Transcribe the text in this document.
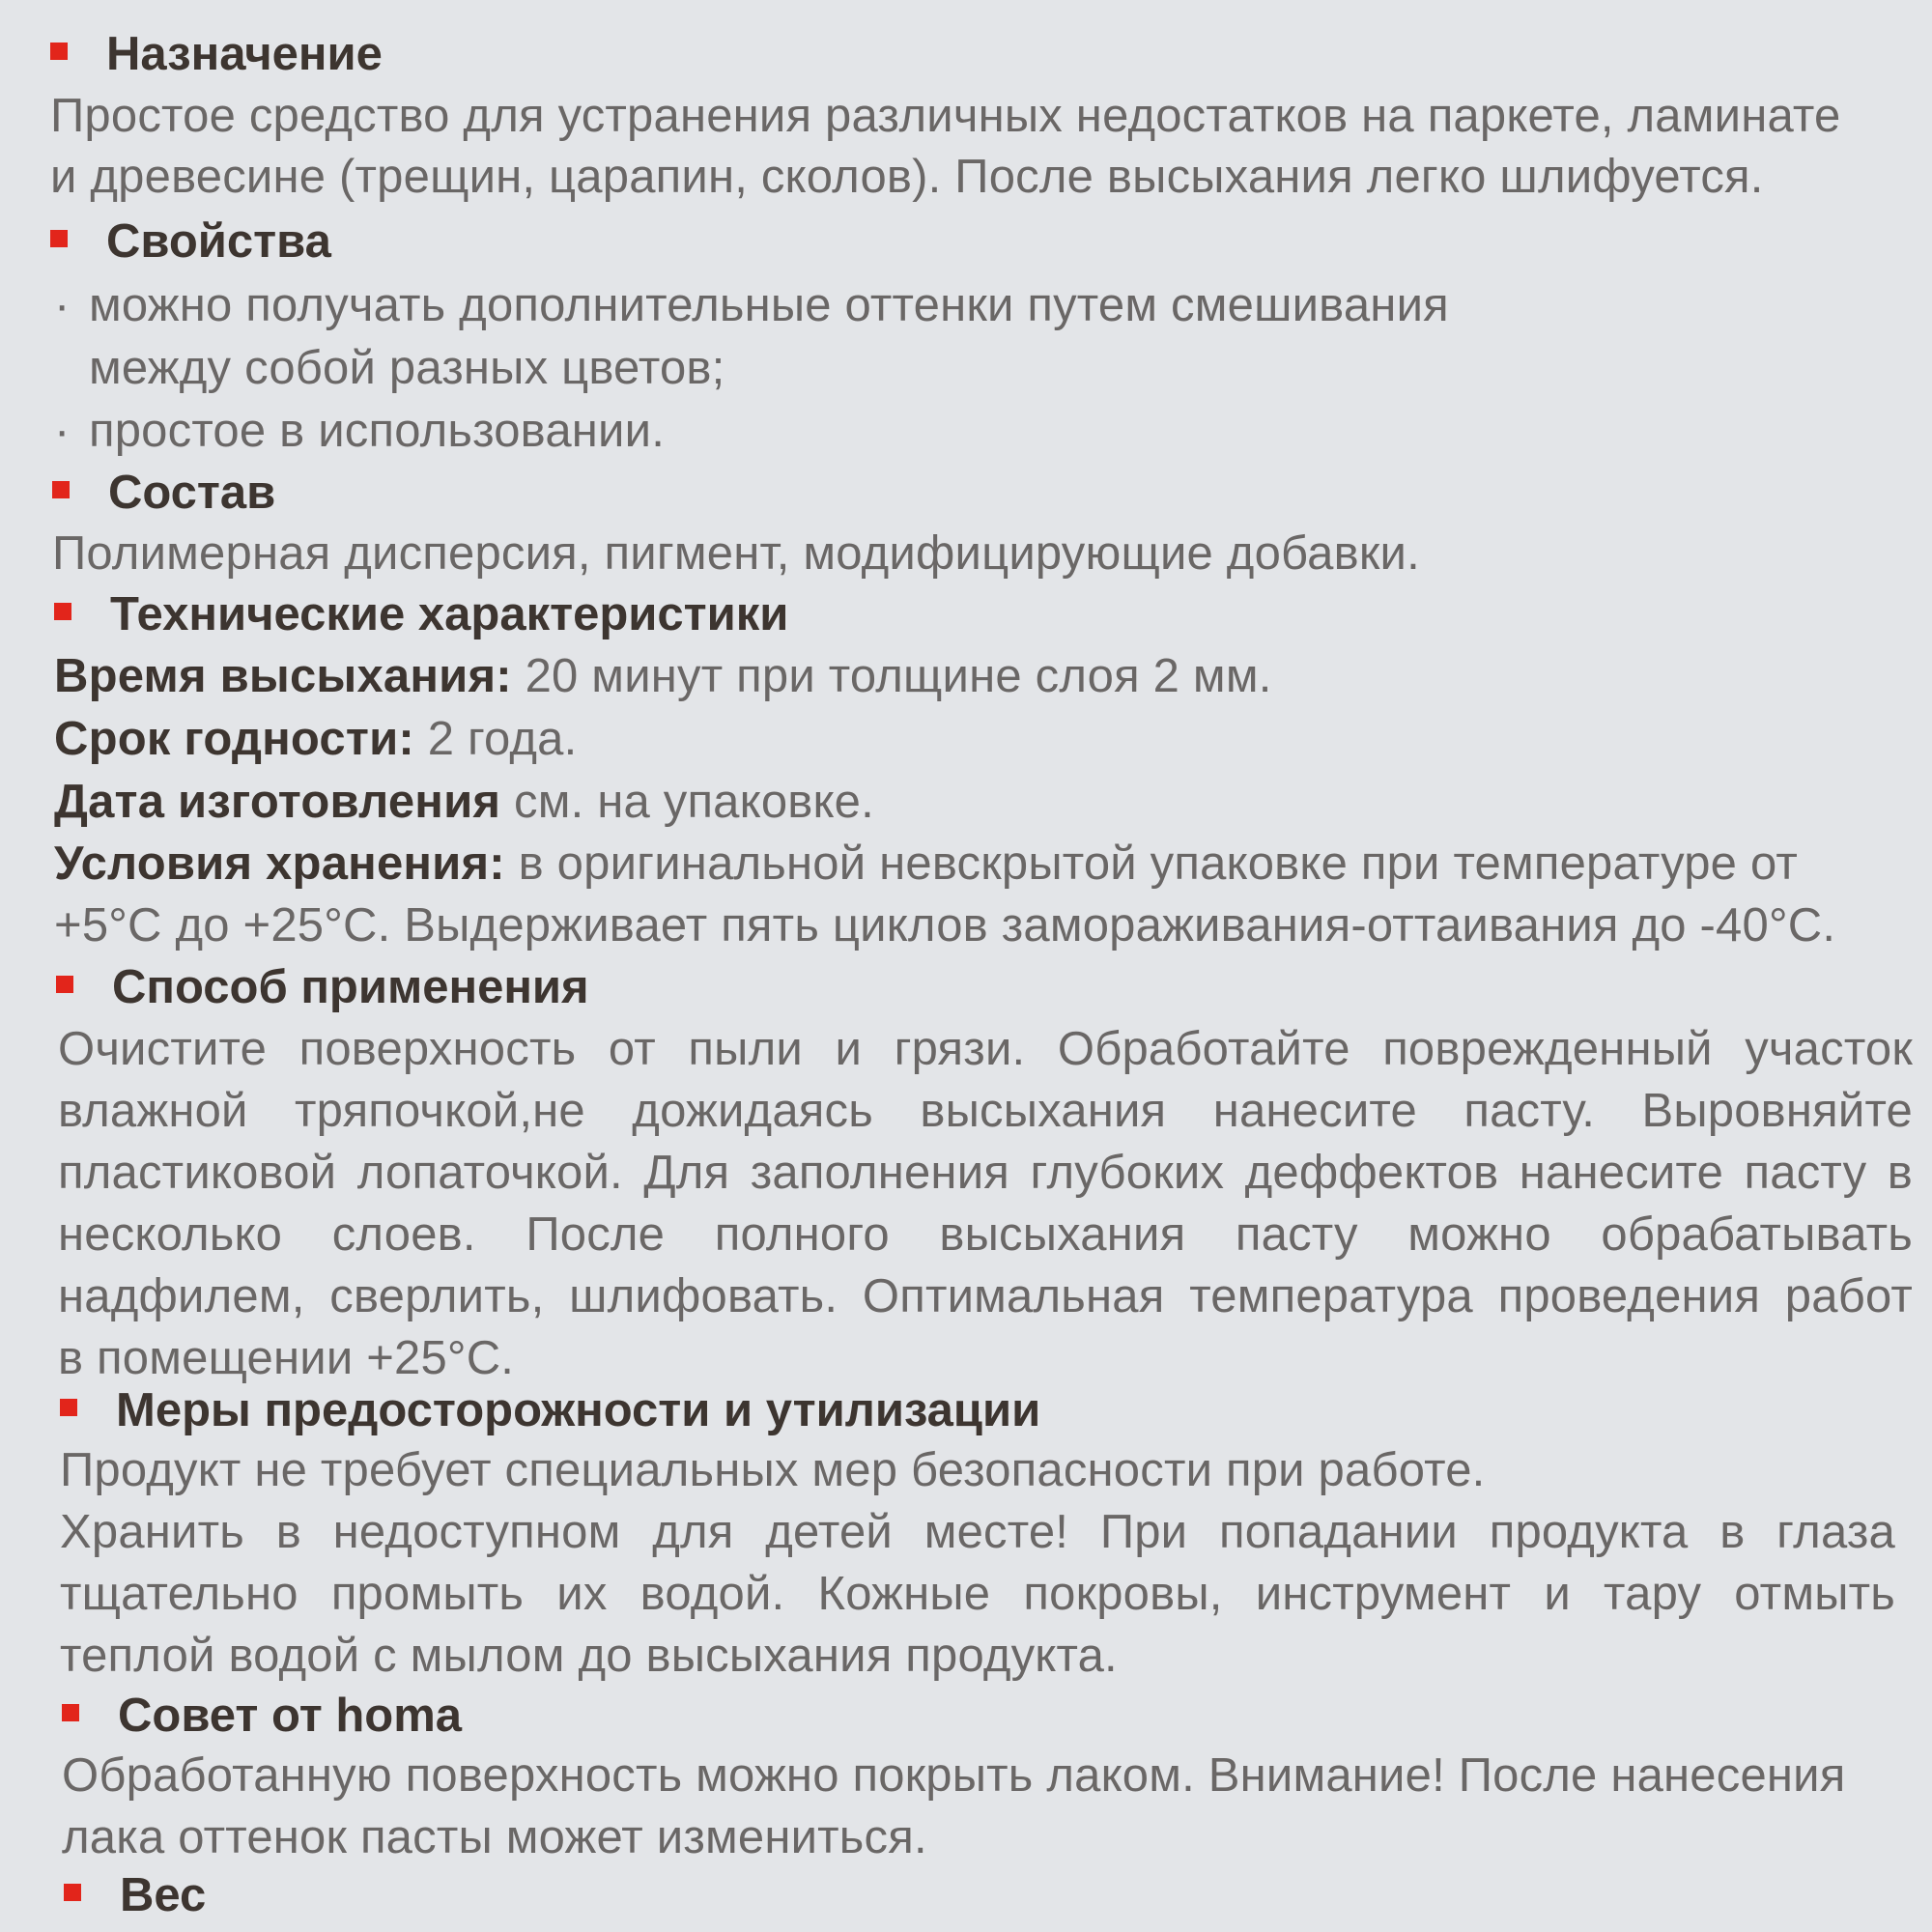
Назначение
Простое средство для устранения различных недостатков на паркете, ламинате
и древесине (трещин, царапин, сколов). После высыхания легко шлифуется.
Свойства
· можно получать дополнительные оттенки путем смешивания
между собой разных цветов;
· простое в использовании.
Состав
Полимерная дисперсия, пигмент, модифицирующие добавки.
Технические характеристики
Время высыхания: 20 минут при толщине слоя 2 мм.
Срок годности: 2 года.
Дата изготовления см. на упаковке.
Условия хранения: в оригинальной невскрытой упаковке при температуре от
+5°С до +25°С. Выдерживает пять циклов замораживания-оттаивания до -40°С.
Способ применения
Очистите поверхность от пыли и грязи. Обработайте поврежденный участок
влажной тряпочкой,не дожидаясь высыхания нанесите пасту. Выровняйте
пластиковой лопаточкой. Для заполнения глубоких деффектов нанесите пасту в
несколько слоев. После полного высыхания пасту можно обрабатывать
надфилем, сверлить, шлифовать. Оптимальная температура проведения работ
в помещении +25°С.
Меры предосторожности и утилизации
Продукт не требует специальных мер безопасности при работе.
Хранить в недоступном для детей месте! При попадании продукта в глаза
тщательно промыть их водой. Кожные покровы, инструмент и тару отмыть
теплой водой с мылом до высыхания продукта.
Совет от homa
Обработанную поверхность можно покрыть лаком. Внимание! После нанесения
лака оттенок пасты может измениться.
Вес
